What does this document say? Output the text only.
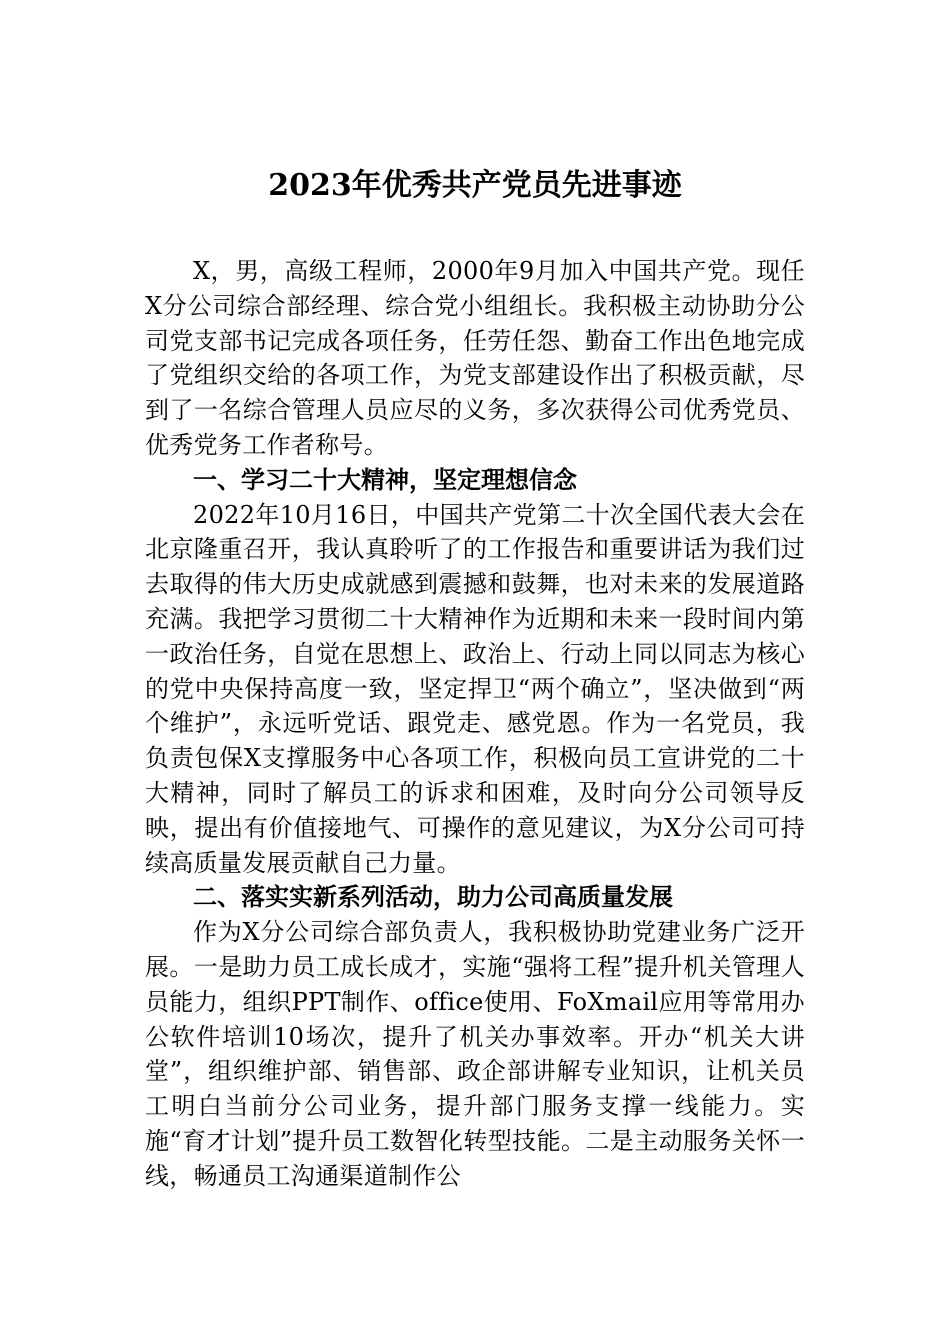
2023年优秀共产党员先进事迹

X，男，高级工程师，2000年9月加入中国共产党。现任X分公司综合部经理、综合党小组组长。我积极主动协助分公司党支部书记完成各项任务，任劳任怨、勤奋工作出色地完成了党组织交给的各项工作，为党支部建设作出了积极贡献，尽到了一名综合管理人员应尽的义务，多次获得公司优秀党员、优秀党务工作者称号。

一、学习二十大精神，坚定理想信念

2022年10月16日，中国共产党第二十次全国代表大会在北京隆重召开，我认真聆听了的工作报告和重要讲话为我们过去取得的伟大历史成就感到震撼和鼓舞，也对未来的发展道路充满。我把学习贯彻二十大精神作为近期和未来一段时间内第一政治任务，自觉在思想上、政治上、行动上同以同志为核心的党中央保持高度一致，坚定捍卫“两个确立”，坚决做到“两个维护”，永远听党话、跟党走、感党恩。作为一名党员，我负责包保X支撑服务中心各项工作，积极向员工宣讲党的二十大精神，同时了解员工的诉求和困难，及时向分公司领导反映，提出有价值接地气、可操作的意见建议，为X分公司可持续高质量发展贡献自己力量。

二、落实实新系列活动，助力公司高质量发展

作为X分公司综合部负责人，我积极协助党建业务广泛开展。一是助力员工成长成才，实施“强将工程”提升机关管理人员能力，组织PPT制作、office使用、FoXmail应用等常用办公软件培训10场次，提升了机关办事效率。开办“机关大讲堂”，组织维护部、销售部、政企部讲解专业知识，让机关员工明白当前分公司业务，提升部门服务支撑一线能力。实施“育才计划”提升员工数智化转型技能。二是主动服务关怀一线，畅通员工沟通渠道制作公
